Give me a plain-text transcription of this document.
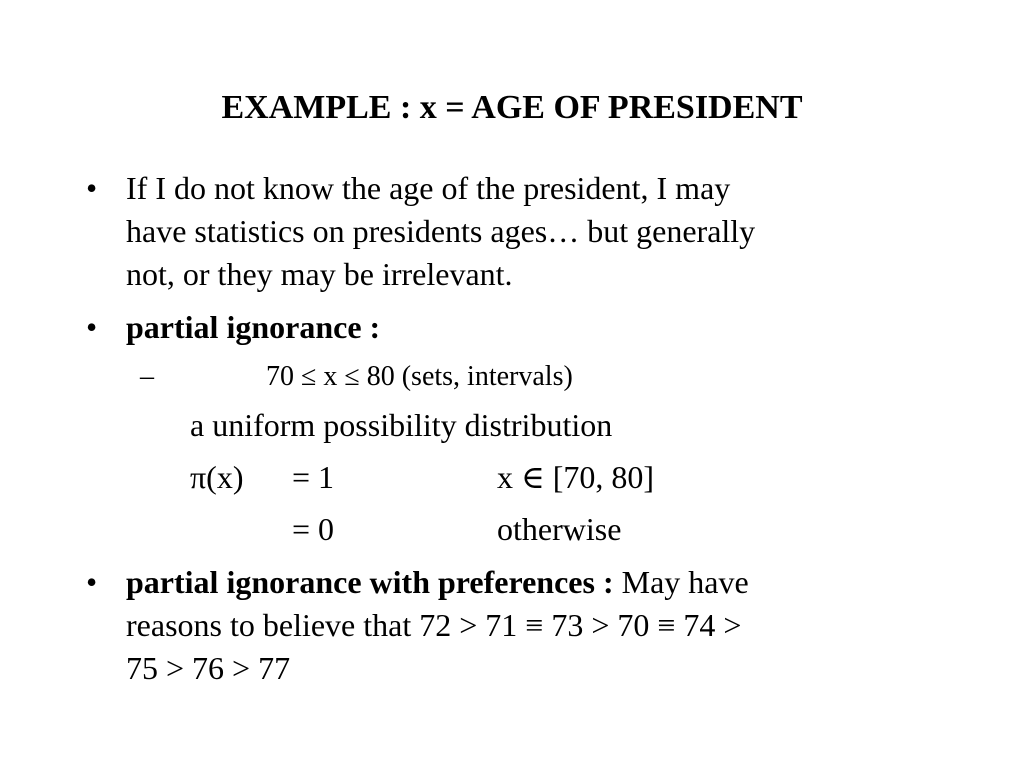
EXAMPLE : x = AGE OF PRESIDENT
• If I do not know the age of the president, I may
have statistics on presidents ages… but generally
not, or they may be irrelevant.
• partial ignorance :
–	70 ≤ x ≤ 80 (sets, intervals)
a uniform possibility distribution
π(x) = 1	x ∈ [70, 80]
= 0	otherwise
• partial ignorance with preferences : May have
reasons to believe that 72 > 71 ≡ 73 > 70 ≡ 74 >
75 > 76 > 77
